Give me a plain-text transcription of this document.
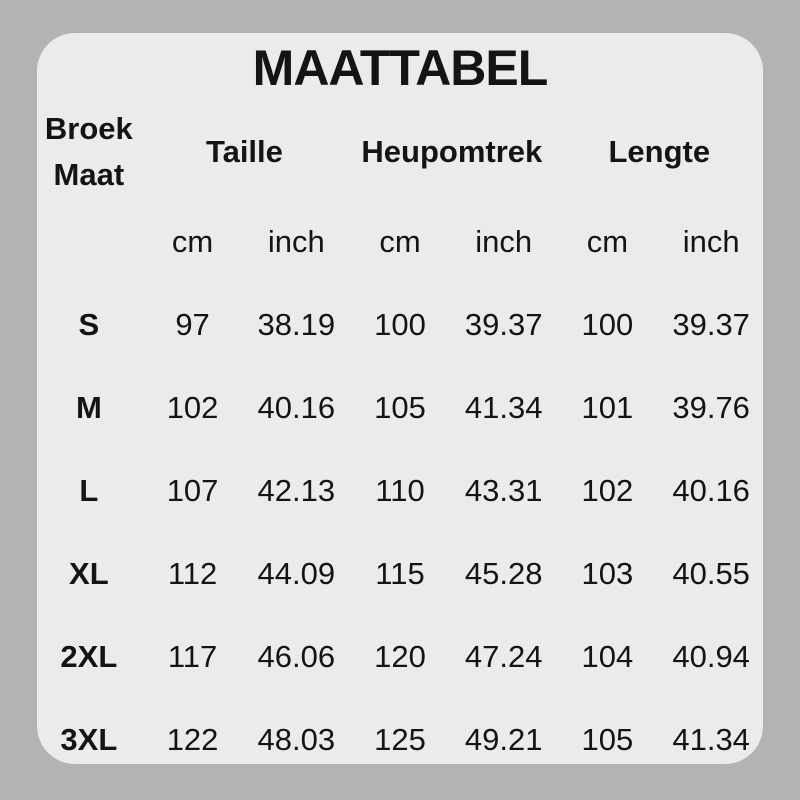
MAATTABEL
Broek
Maat
Taille	Heupomtrek	Lengte
cm	inch	cm	inch	cm	inch
S	97	38.19	100	39.37	100	39.37
M	102	40.16	105	41.34	101	39.76
L	107	42.13	110	43.31	102	40.16
XL	112	44.09	115	45.28	103	40.55
2XL	117	46.06	120	47.24	104	40.94
3XL	122	48.03	125	49.21	105	41.34
